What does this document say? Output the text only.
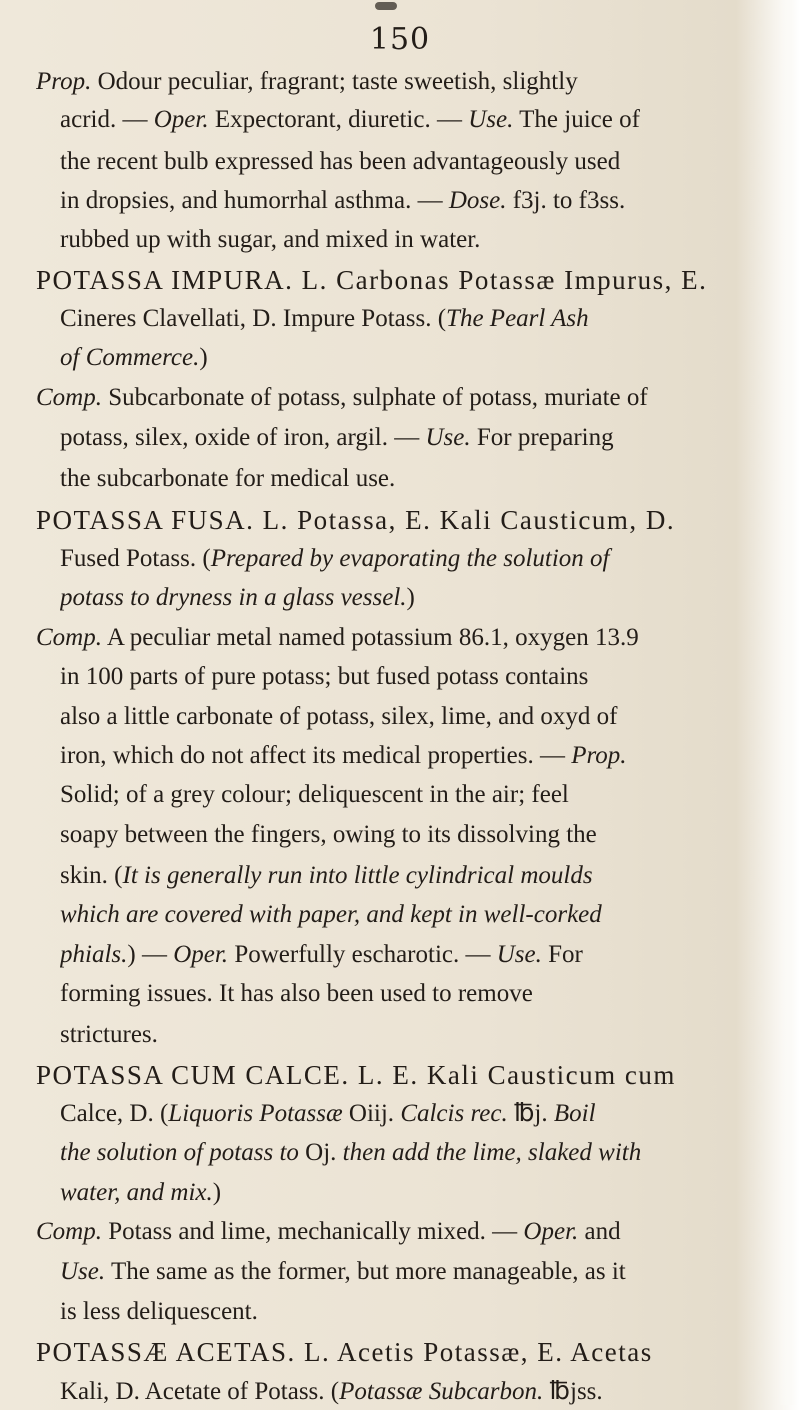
150
Prop. Odour peculiar, fragrant; taste sweetish, slightly
acrid. — Oper. Expectorant, diuretic. — Use. The juice of
the recent bulb expressed has been advantageously used
in dropsies, and humorrhal asthma. — Dose. f3j. to f3ss.
rubbed up with sugar, and mixed in water.
POTASSA IMPURA. L. Carbonas Potassæ Impurus, E.
Cineres Clavellati, D. Impure Potass. (The Pearl Ash
of Commerce.)
Comp. Subcarbonate of potass, sulphate of potass, muriate of
potass, silex, oxide of iron, argil. — Use. For preparing
the subcarbonate for medical use.
POTASSA FUSA. L. Potassa, E. Kali Causticum, D.
Fused Potass. (Prepared by evaporating the solution of
potass to dryness in a glass vessel.)
Comp. A peculiar metal named potassium 86.1, oxygen 13.9
in 100 parts of pure potass; but fused potass contains
also a little carbonate of potass, silex, lime, and oxyd of
iron, which do not affect its medical properties. — Prop.
Solid; of a grey colour; deliquescent in the air; feel
soapy between the fingers, owing to its dissolving the
skin. (It is generally run into little cylindrical moulds
which are covered with paper, and kept in well-corked
phials.) — Oper. Powerfully escharotic. — Use. For
forming issues. It has also been used to remove
strictures.
POTASSA CUM CALCE. L. E. Kali Causticum cum
Calce, D. (Liquoris Potassæ Oiij. Calcis rec. ℔j. Boil
the solution of potass to Oj. then add the lime, slaked with
water, and mix.)
Comp. Potass and lime, mechanically mixed. — Oper. and
Use. The same as the former, but more manageable, as it
is less deliquescent.
POTASSÆ ACETAS. L. Acetis Potassæ, E. Acetas
Kali, D. Acetate of Potass. (Potassæ Subcarbon. ℔jss.
